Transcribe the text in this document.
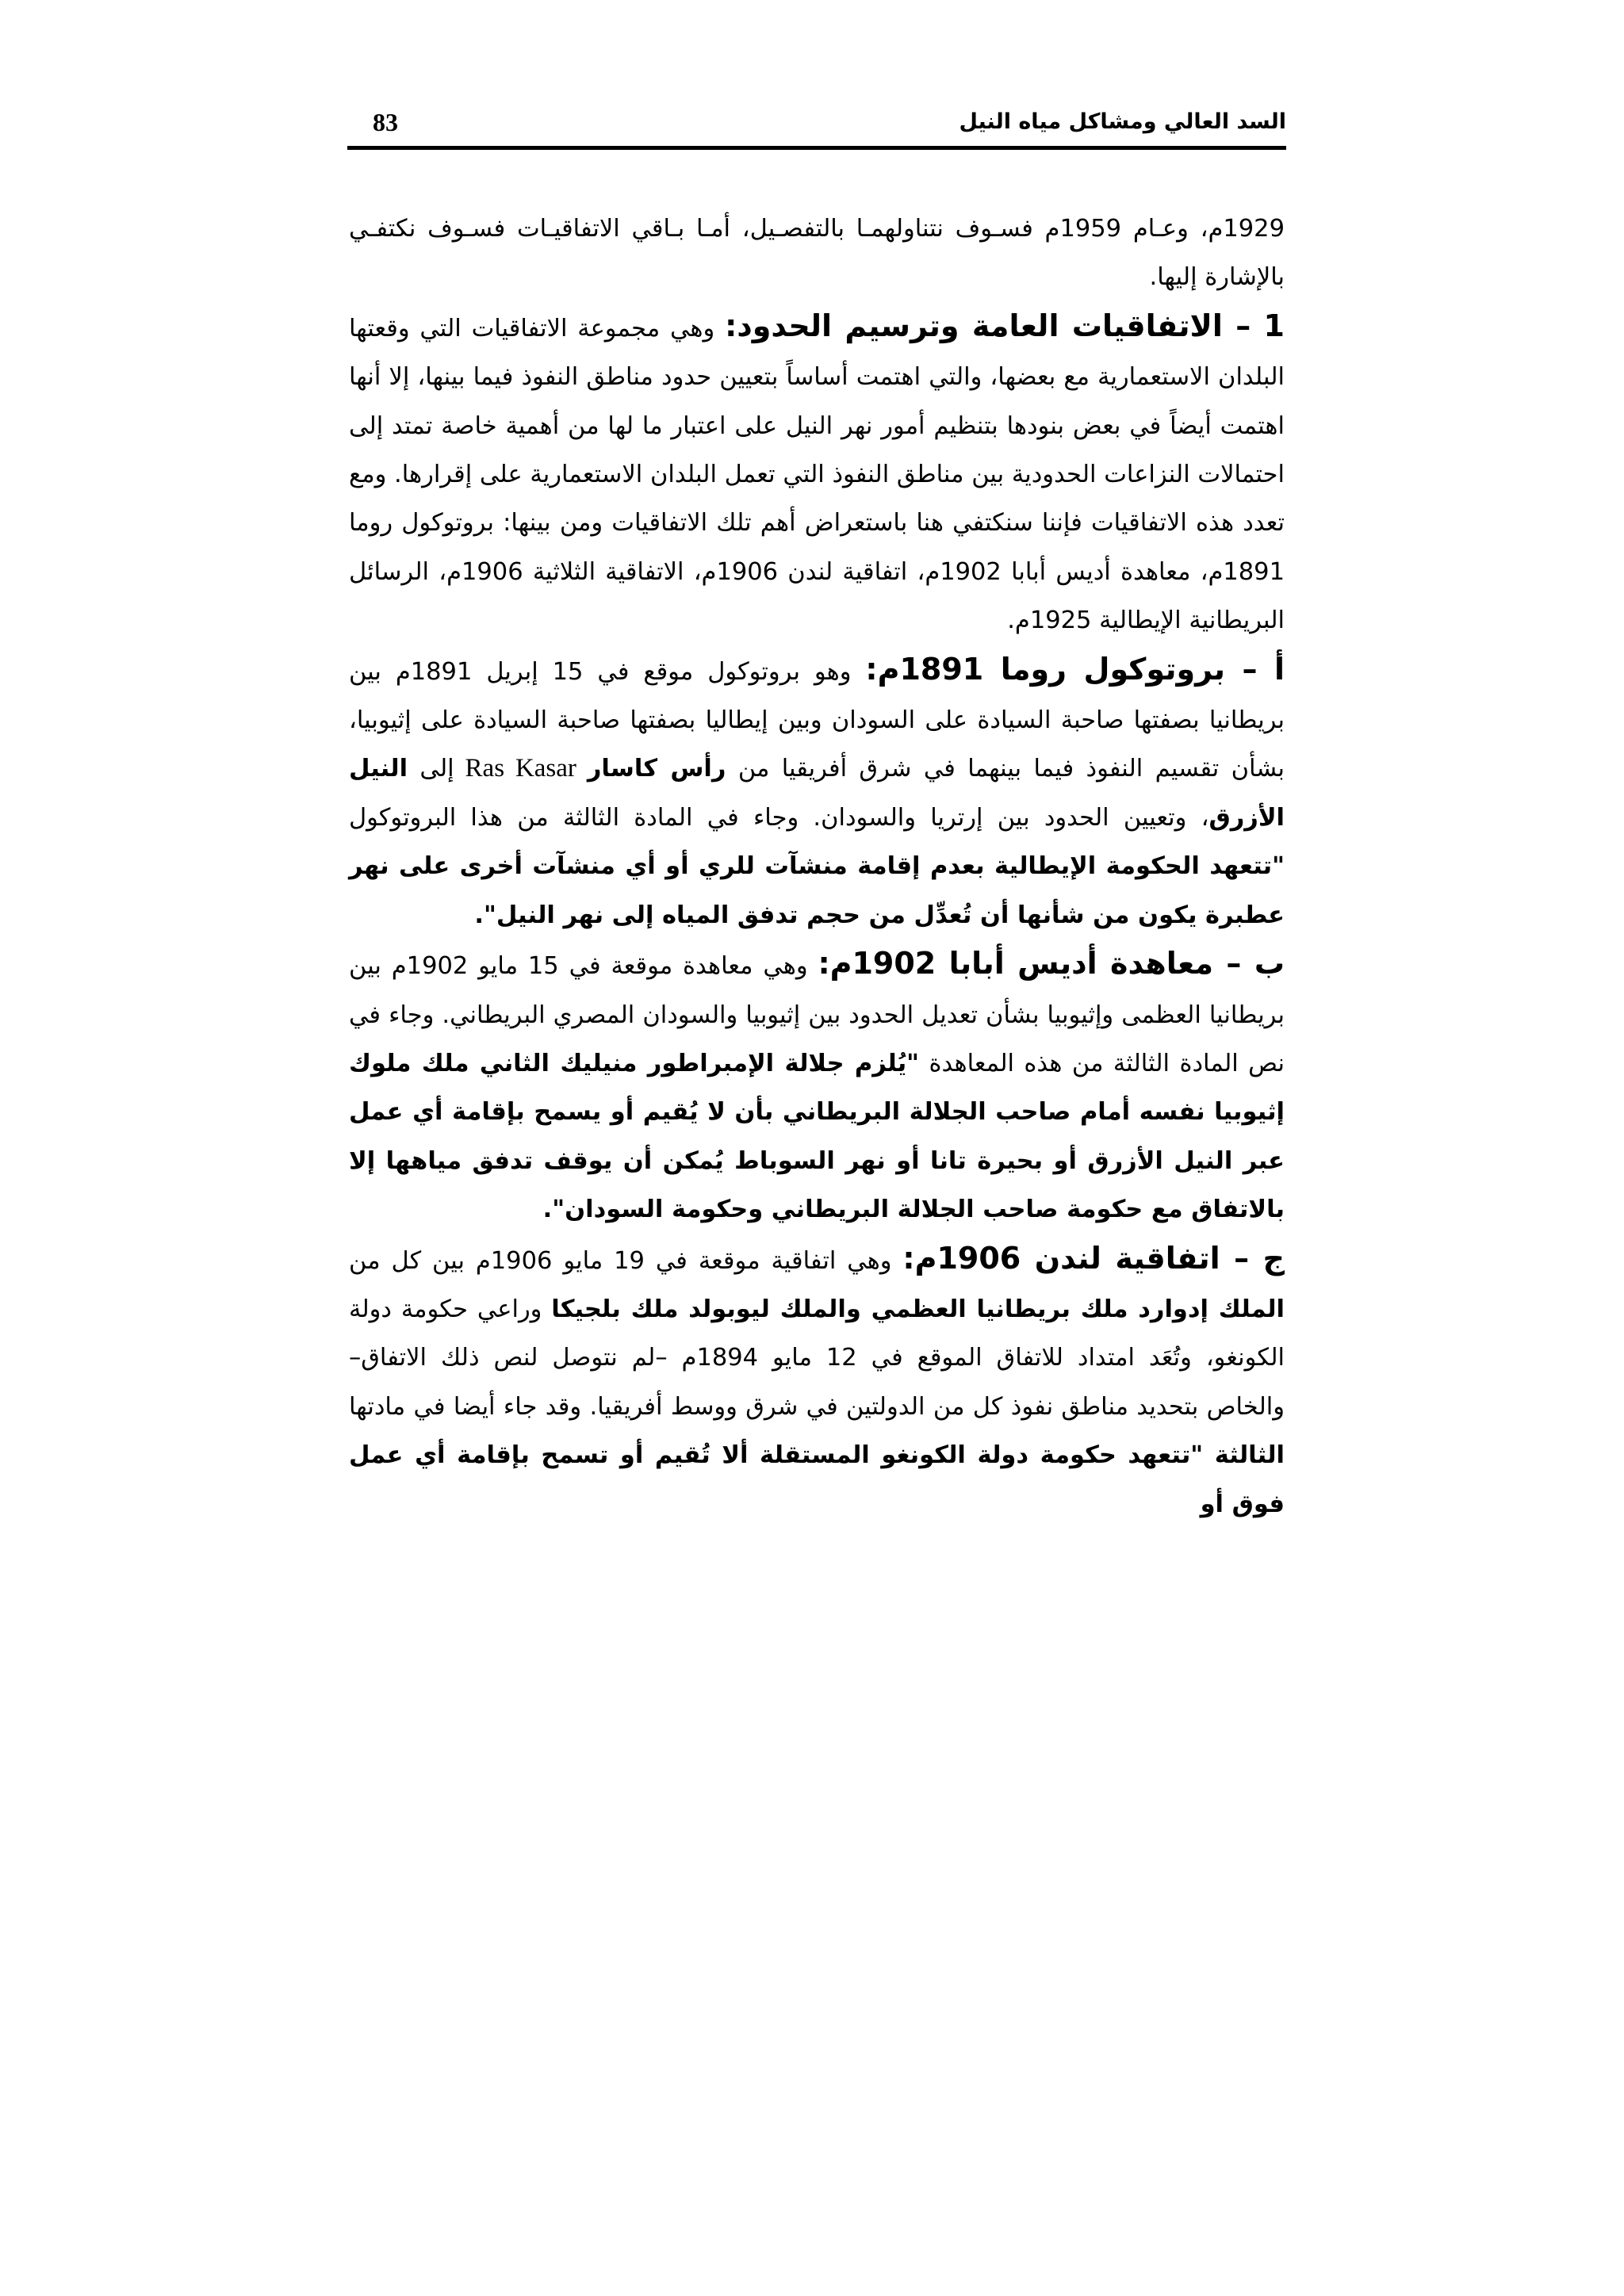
83	السد العالي ومشاكل مياه النيل

1929م، وعـام 1959م فسـوف نتناولهمـا بالتفصـيل، أمـا بـاقي الاتفاقيـات فسـوف نكتفـي بالإشارة إليها.

1 – الاتفاقيات العامة وترسيم الحدود: وهي مجموعة الاتفاقيات التي وقعتها البلدان الاستعمارية مع بعضها، والتي اهتمت أساساً بتعيين حدود مناطق النفوذ فيما بينها، إلا أنها اهتمت أيضاً في بعض بنودها بتنظيم أمور نهر النيل على اعتبار ما لها من أهمية خاصة تمتد إلى احتمالات النزاعات الحدودية بين مناطق النفوذ التي تعمل البلدان الاستعمارية على إقرارها. ومع تعدد هذه الاتفاقيات فإننا سنكتفي هنا باستعراض أهم تلك الاتفاقيات ومن بينها: بروتوكول روما 1891م، معاهدة أديس أبابا 1902م، اتفاقية لندن 1906م، الاتفاقية الثلاثية 1906م، الرسائل البريطانية الإيطالية 1925م.

أ – بروتوكول روما 1891م: وهو بروتوكول موقع في 15 إبريل 1891م بين بريطانيا بصفتها صاحبة السيادة على السودان وبين إيطاليا بصفتها صاحبة السيادة على إثيوبيا، بشأن تقسيم النفوذ فيما بينهما في شرق أفريقيا من رأس كاسار Ras Kasar إلى النيل الأزرق، وتعيين الحدود بين إرتريا والسودان. وجاء في المادة الثالثة من هذا البروتوكول "تتعهد الحكومة الإيطالية بعدم إقامة منشآت للري أو أي منشآت أخرى على نهر عطبرة يكون من شأنها أن تُعدِّل من حجم تدفق المياه إلى نهر النيل".

ب – معاهدة أديس أبابا 1902م: وهي معاهدة موقعة في 15 مايو 1902م بين بريطانيا العظمى وإثيوبيا بشأن تعديل الحدود بين إثيوبيا والسودان المصري البريطاني. وجاء في نص المادة الثالثة من هذه المعاهدة "يُلزم جلالة الإمبراطور منيليك الثاني ملك ملوك إثيوبيا نفسه أمام صاحب الجلالة البريطاني بأن لا يُقيم أو يسمح بإقامة أي عمل عبر النيل الأزرق أو بحيرة تانا أو نهر السوباط يُمكن أن يوقف تدفق مياهها إلا بالاتفاق مع حكومة صاحب الجلالة البريطاني وحكومة السودان".

ج – اتفاقية لندن 1906م: وهي اتفاقية موقعة في 19 مايو 1906م بين كل من الملك إدوارد ملك بريطانيا العظمي والملك ليوبولد ملك بلجيكا وراعي حكومة دولة الكونغو، وتُعَد امتداد للاتفاق الموقع في 12 مايو 1894م –لم نتوصل لنص ذلك الاتفاق– والخاص بتحديد مناطق نفوذ كل من الدولتين في شرق ووسط أفريقيا. وقد جاء أيضا في مادتها الثالثة "تتعهد حكومة دولة الكونغو المستقلة ألا تُقيم أو تسمح بإقامة أي عمل فوق أو
